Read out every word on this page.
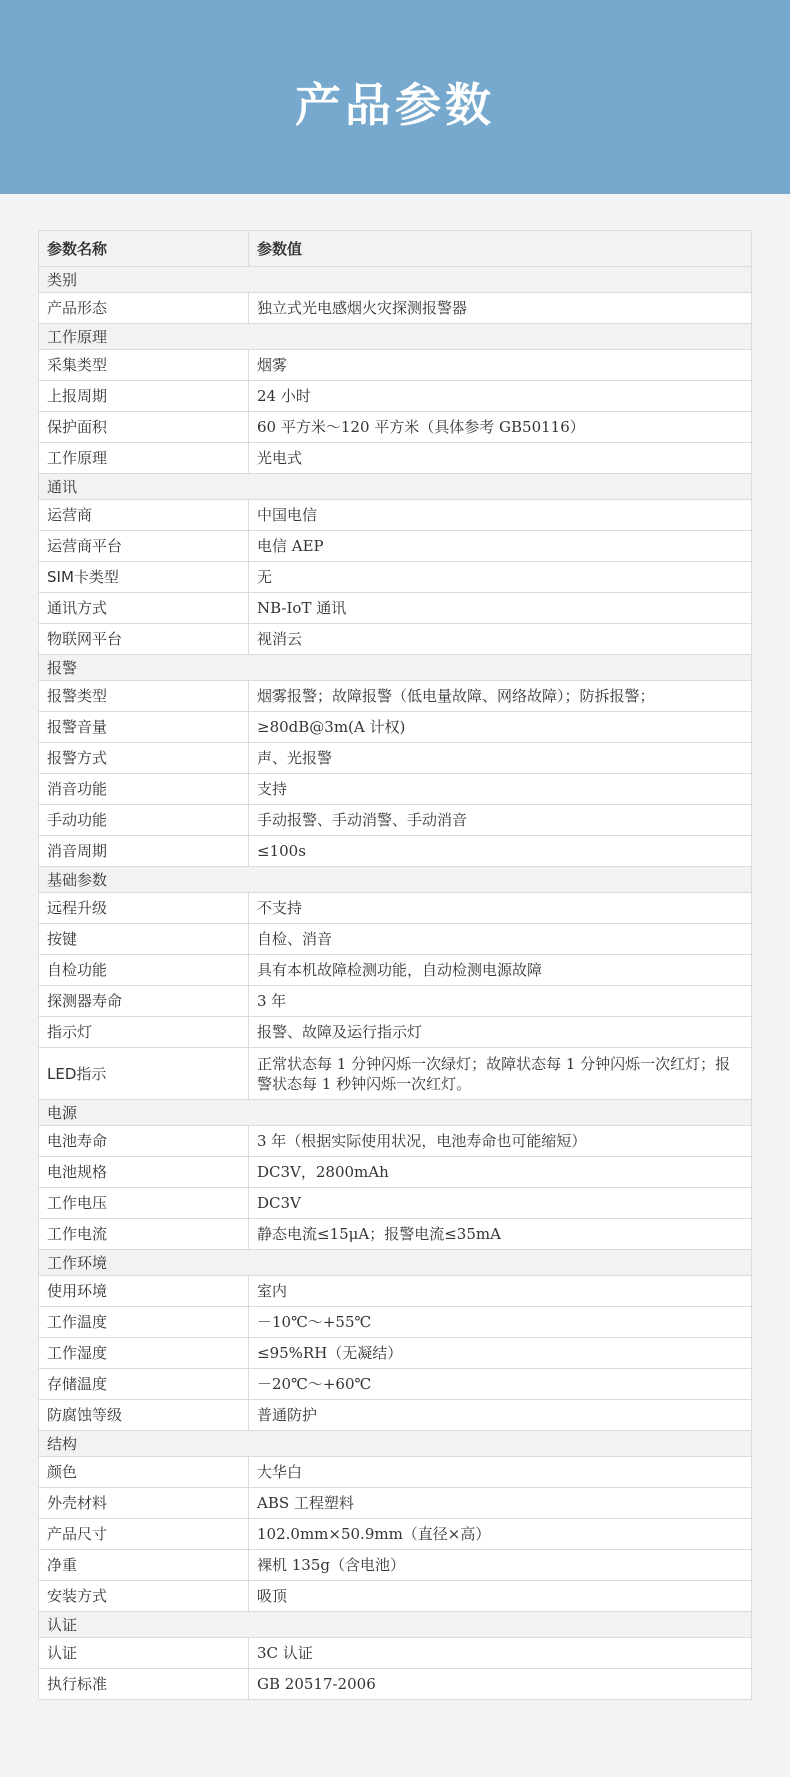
产品参数
参数名称	参数值
类别	
产品形态	独立式光电感烟火灾探测报警器
工作原理	
采集类型	烟雾
上报周期	24 小时
保护面积	60 平方米～120 平方米（具体参考 GB50116）
工作原理	光电式
通讯	
运营商	中国电信
运营商平台	电信 AEP
SIM卡类型	无
通讯方式	NB-IoT 通讯
物联网平台	视消云
报警	
报警类型	烟雾报警；故障报警（低电量故障、网络故障）；防拆报警；
报警音量	≥80dB@3m(A 计权)
报警方式	声、光报警
消音功能	支持
手动功能	手动报警、手动消警、手动消音
消音周期	≤100s
基础参数	
远程升级	不支持
按键	自检、消音
自检功能	具有本机故障检测功能，自动检测电源故障
探测器寿命	3 年
指示灯	报警、故障及运行指示灯
LED指示	正常状态每 1 分钟闪烁一次绿灯；故障状态每 1 分钟闪烁一次红灯；报警状态每 1 秒钟闪烁一次红灯。
电源	
电池寿命	3 年（根据实际使用状况，电池寿命也可能缩短）
电池规格	DC3V，2800mAh
工作电压	DC3V
工作电流	静态电流≤15μA；报警电流≤35mA
工作环境	
使用环境	室内
工作温度	－10℃～+55℃
工作湿度	≤95%RH（无凝结）
存储温度	－20℃～+60℃
防腐蚀等级	普通防护
结构	
颜色	大华白
外壳材料	ABS 工程塑料
产品尺寸	102.0mm×50.9mm（直径×高）
净重	裸机 135g（含电池）
安装方式	吸顶
认证	
认证	3C 认证
执行标准	GB 20517-2006
